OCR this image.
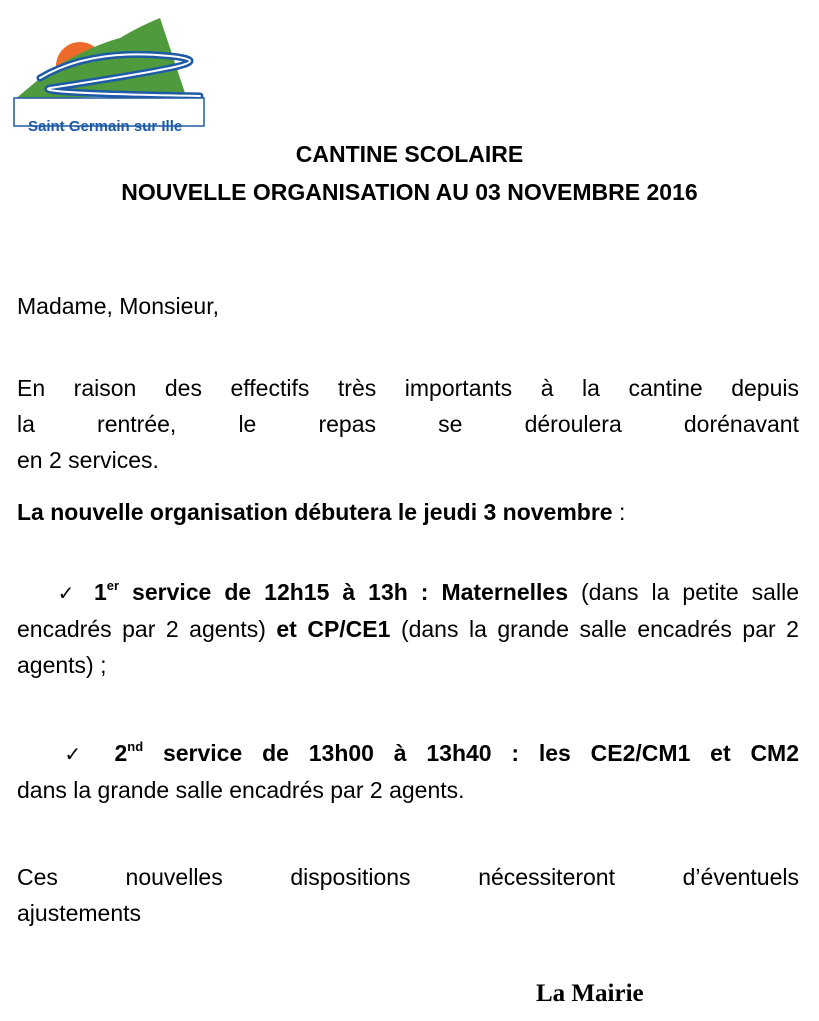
Saint Germain sur Ille
CANTINE SCOLAIRE
NOUVELLE ORGANISATION AU 03 NOVEMBRE 2016
Madame, Monsieur,
En raison des effectifs très importants à la cantine depuis
la rentrée, le repas se déroulera dorénavant
en 2 services.
La nouvelle organisation débutera le jeudi 3 novembre :
✓ 1er service de 12h15 à 13h : Maternelles (dans la petite salle encadrés par 2 agents) et CP/CE1 (dans la grande salle encadrés par 2 agents) ;
✓ 2nd service de 13h00 à 13h40 : les CE2/CM1 et CM2
dans la grande salle encadrés par 2 agents.
Ces nouvelles dispositions nécessiteront d’éventuels
ajustements
La Mairie
